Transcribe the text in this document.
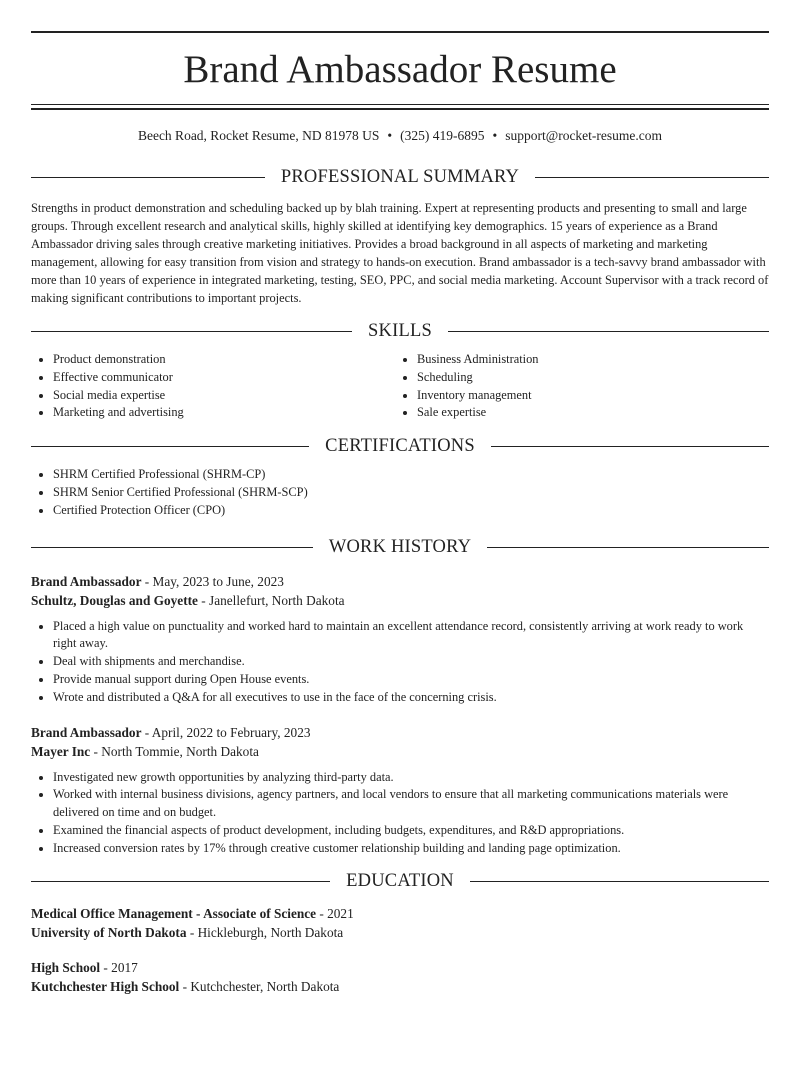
Brand Ambassador Resume
Beech Road, Rocket Resume, ND 81978 US • (325) 419-6895 • support@rocket-resume.com
PROFESSIONAL SUMMARY
Strengths in product demonstration and scheduling backed up by blah training. Expert at representing products and presenting to small and large groups. Through excellent research and analytical skills, highly skilled at identifying key demographics. 15 years of experience as a Brand Ambassador driving sales through creative marketing initiatives. Provides a broad background in all aspects of marketing and marketing management, allowing for easy transition from vision and strategy to hands-on execution. Brand ambassador is a tech-savvy brand ambassador with more than 10 years of experience in integrated marketing, testing, SEO, PPC, and social media marketing. Account Supervisor with a track record of making significant contributions to important projects.
SKILLS
• Product demonstration
• Effective communicator
• Social media expertise
• Marketing and advertising
• Business Administration
• Scheduling
• Inventory management
• Sale expertise
CERTIFICATIONS
• SHRM Certified Professional (SHRM-CP)
• SHRM Senior Certified Professional (SHRM-SCP)
• Certified Protection Officer (CPO)
WORK HISTORY
Brand Ambassador - May, 2023 to June, 2023
Schultz, Douglas and Goyette - Janellefurt, North Dakota
• Placed a high value on punctuality and worked hard to maintain an excellent attendance record, consistently arriving at work ready to work right away.
• Deal with shipments and merchandise.
• Provide manual support during Open House events.
• Wrote and distributed a Q&A for all executives to use in the face of the concerning crisis.
Brand Ambassador - April, 2022 to February, 2023
Mayer Inc - North Tommie, North Dakota
• Investigated new growth opportunities by analyzing third-party data.
• Worked with internal business divisions, agency partners, and local vendors to ensure that all marketing communications materials were delivered on time and on budget.
• Examined the financial aspects of product development, including budgets, expenditures, and R&D appropriations.
• Increased conversion rates by 17% through creative customer relationship building and landing page optimization.
EDUCATION
Medical Office Management - Associate of Science - 2021
University of North Dakota - Hickleburgh, North Dakota
High School - 2017
Kutchchester High School - Kutchchester, North Dakota
